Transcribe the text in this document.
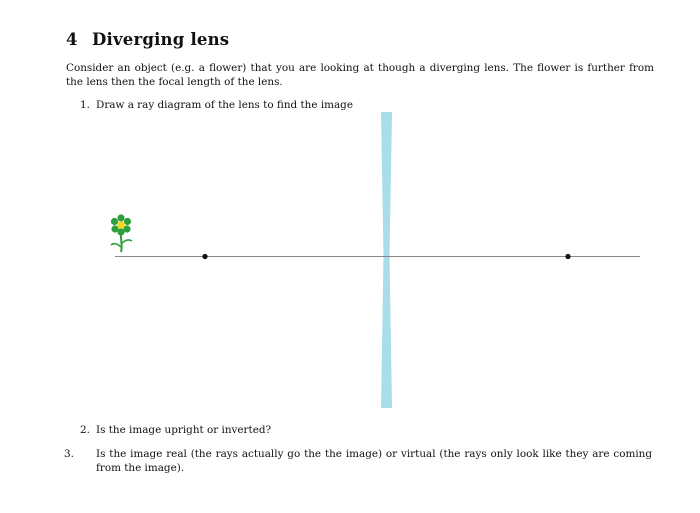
4 Diverging lens

Consider an object (e.g. a flower) that you are looking at though a diverging lens. The flower is further from the lens then the focal length of the lens.

1. Draw a ray diagram of the lens to find the image

2. Is the image upright or inverted?

3. Is the image real (the rays actually go the the image) or virtual (the rays only look like they are coming from the image).
